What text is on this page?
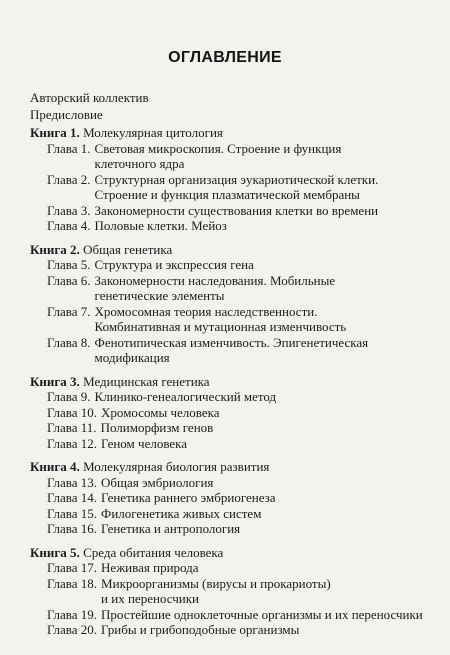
ОГЛАВЛЕНИЕ
Авторский коллектив
Предисловие
Книга 1. Молекулярная цитология
Глава 1. Световая микроскопия. Строение и функция
клеточного ядра
Глава 2. Структурная организация эукариотической клетки.
Строение и функция плазматической мембраны
Глава 3. Закономерности существования клетки во времени
Глава 4. Половые клетки. Мейоз
Книга 2. Общая генетика
Глава 5. Структура и экспрессия гена
Глава 6. Закономерности наследования. Мобильные
генетические элементы
Глава 7. Хромосомная теория наследственности.
Комбинативная и мутационная изменчивость
Глава 8. Фенотипическая изменчивость. Эпигенетическая
модификация
Книга 3. Медицинская генетика
Глава 9. Клинико-генеалогический метод
Глава 10. Хромосомы человека
Глава 11. Полиморфизм генов
Глава 12. Геном человека
Книга 4. Молекулярная биология развития
Глава 13. Общая эмбриология
Глава 14. Генетика раннего эмбриогенеза
Глава 15. Филогенетика живых систем
Глава 16. Генетика и антропология
Книга 5. Среда обитания человека
Глава 17. Неживая природа
Глава 18. Микроорганизмы (вирусы и прокариоты)
и их переносчики
Глава 19. Простейшие одноклеточные организмы и их переносчики
Глава 20. Грибы и грибоподобные организмы
